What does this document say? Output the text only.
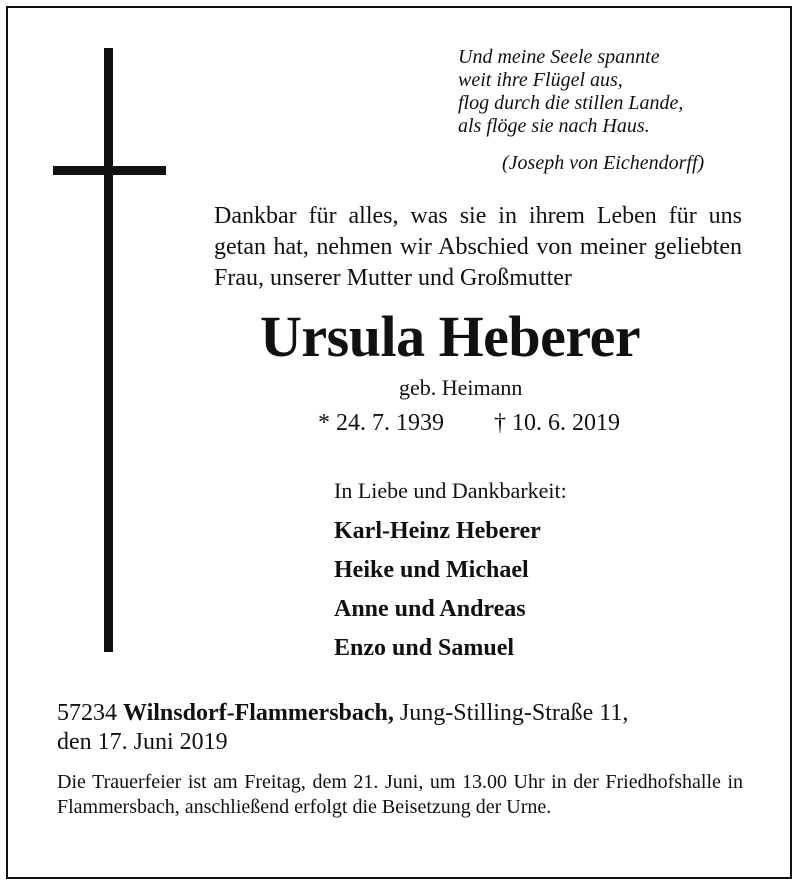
Und meine Seele spannte
weit ihre Flügel aus,
flog durch die stillen Lande,
als flöge sie nach Haus.
(Joseph von Eichendorff)
Dankbar für alles, was sie in ihrem Leben für uns getan hat, nehmen wir Abschied von meiner geliebten Frau, unserer Mutter und Großmutter
Ursula Heberer
geb. Heimann
* 24. 7. 1939 † 10. 6. 2019
In Liebe und Dankbarkeit:
Karl-Heinz Heberer
Heike und Michael
Anne und Andreas
Enzo und Samuel
57234 Wilnsdorf-Flammersbach, Jung-Stilling-Straße 11,
den 17. Juni 2019
Die Trauerfeier ist am Freitag, dem 21. Juni, um 13.00 Uhr in der Friedhofshalle in Flammersbach, anschließend erfolgt die Beisetzung der Urne.
